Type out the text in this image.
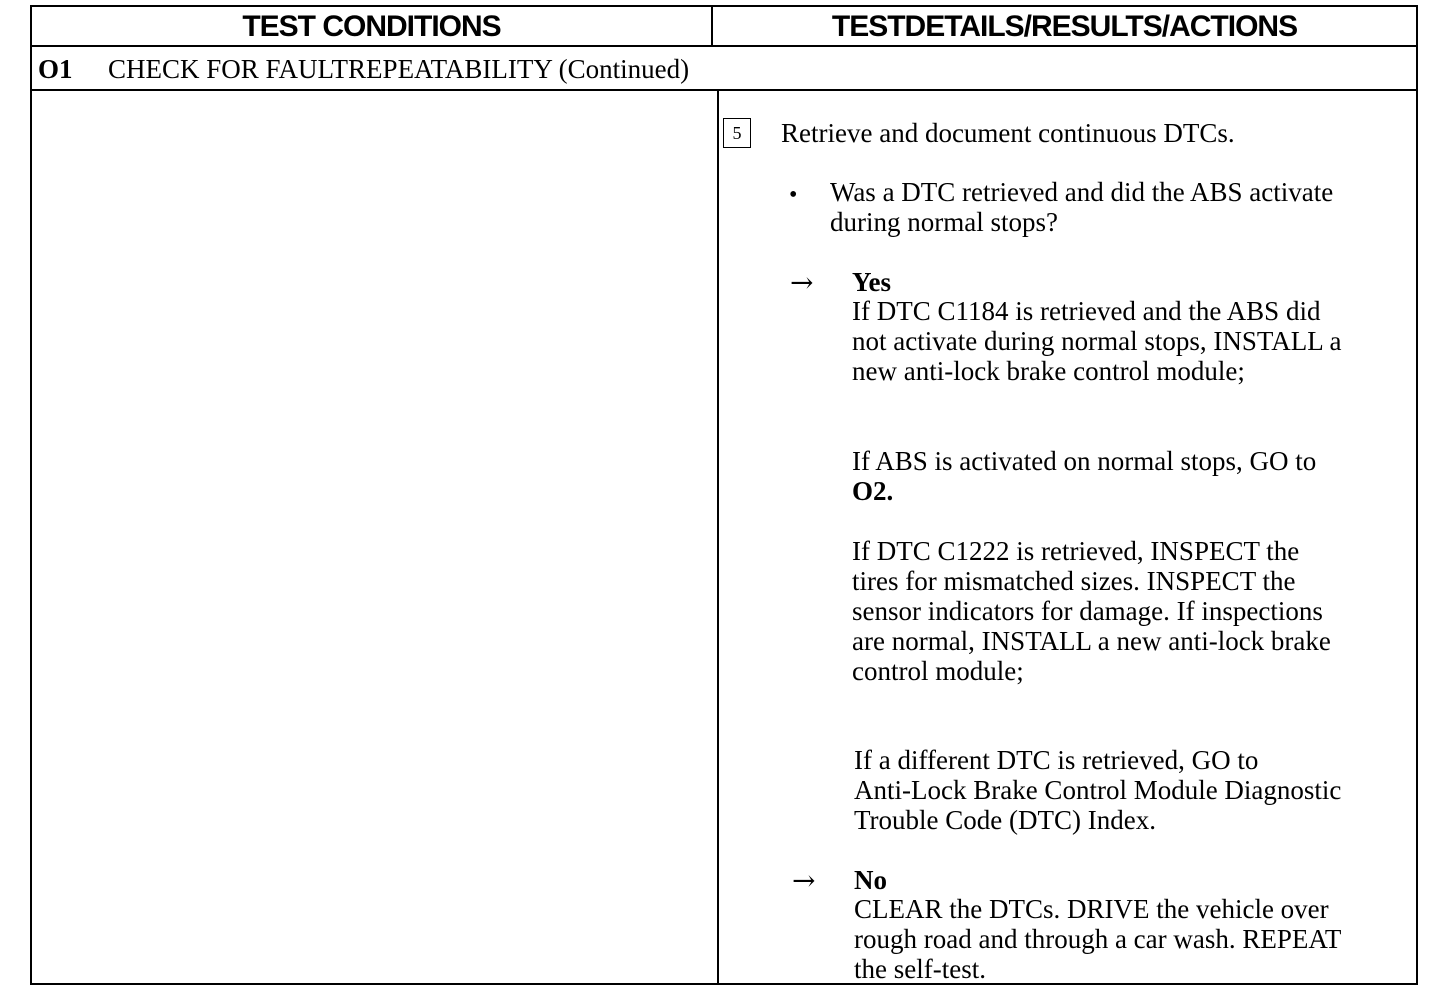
TEST CONDITIONS	TESTDETAILS/RESULTS/ACTIONS
O1 CHECK FOR FAULTREPEATABILITY (Continued)
5	Retrieve and document continuous DTCs.
• Was a DTC retrieved and did the ABS activate
during normal stops?
→ Yes
If DTC C1184 is retrieved and the ABS did
not activate during normal stops, INSTALL a
new anti-lock brake control module;
If ABS is activated on normal stops, GO to
O2.
If DTC C1222 is retrieved, INSPECT the
tires for mismatched sizes. INSPECT the
sensor indicators for damage. If inspections
are normal, INSTALL a new anti-lock brake
control module;
If a different DTC is retrieved, GO to
Anti-Lock Brake Control Module Diagnostic
Trouble Code (DTC) Index.
→ No
CLEAR the DTCs. DRIVE the vehicle over
rough road and through a car wash. REPEAT
the self-test.
